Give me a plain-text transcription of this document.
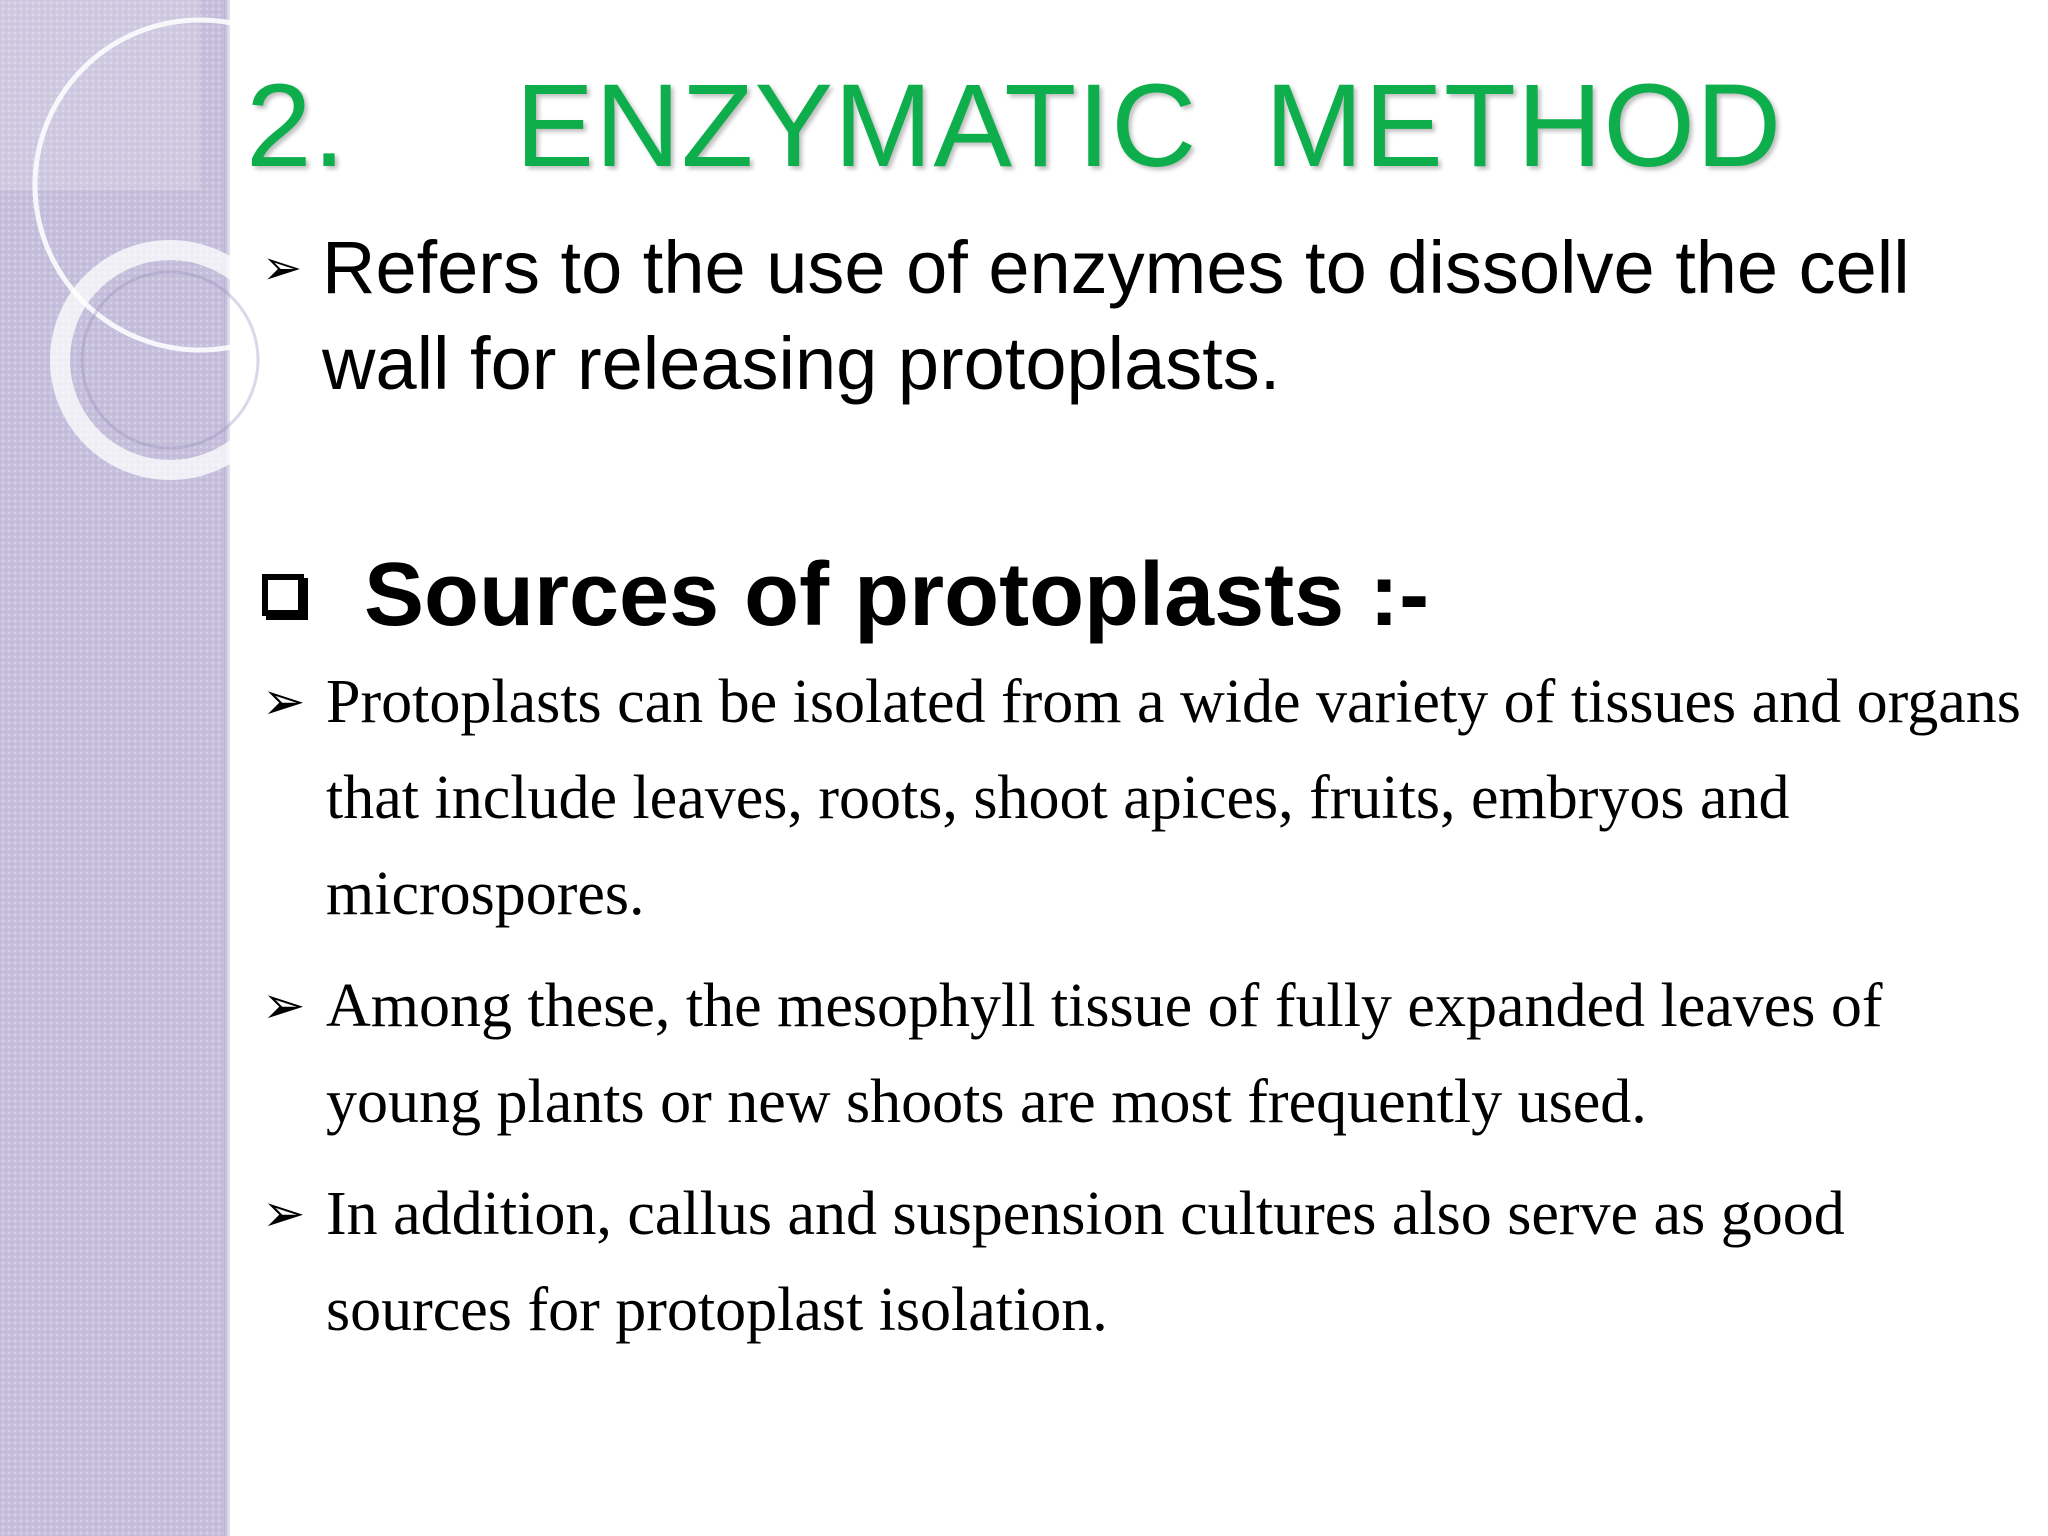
2.     ENZYMATIC  METHOD
➢ Refers to the use of enzymes to dissolve the cell wall for releasing protoplasts.
Sources of protoplasts :-
➢ Protoplasts can be isolated from a wide variety of tissues and organs that include leaves, roots, shoot apices, fruits, embryos and microspores.
➢ Among these, the mesophyll tissue of fully expanded leaves of young plants or new shoots are most frequently used.
➢ In addition, callus and suspension cultures also serve as good sources for protoplast isolation.
